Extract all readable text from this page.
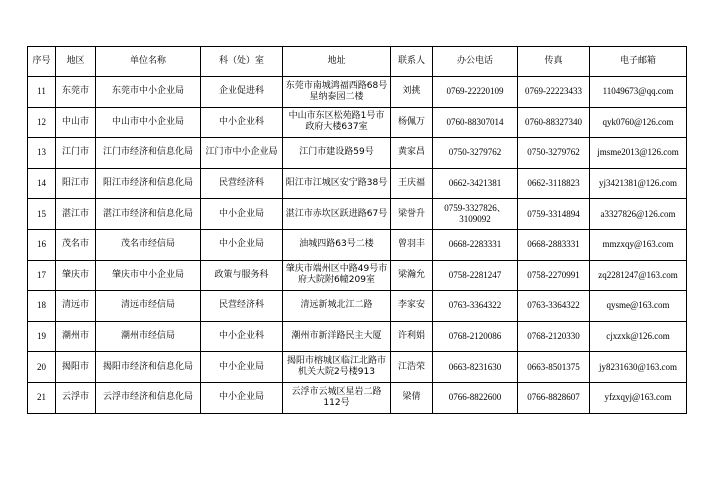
序号	地区	单位名称	科（处）室	地址	联系人	办公电话	传真	电子邮箱
11	东莞市	东莞市中小企业局	企业促进科	东莞市南城鸿福西路68号星纳泰园二楼	刘挑	0769-22220109	0769-22223433	11049673@qq.com
12	中山市	中山市中小企业局	中小企业科	中山市东区松苑路1号市政府大楼637室	杨佩万	0760-88307014	0760-88327340	qyk0760@126.com
13	江门市	江门市经济和信息化局	江门市中小企业局	江门市建设路59号	黄家昌	0750-3279762	0750-3279762	jmsme2013@126.com
14	阳江市	阳江市经济和信息化局	民营经济科	阳江市江城区安宁路38号	王庆福	0662-3421381	0662-3118823	yj3421381@126.com
15	湛江市	湛江市经济和信息化局	中小企业局	湛江市赤坎区跃进路67号	梁誉升	0759-3327826、3109092	0759-3314894	a3327826@126.com
16	茂名市	茂名市经信局	中小企业局	油城四路63号二楼	曾羽丰	0668-2283331	0668-2883331	mmzxqy@163.com
17	肇庆市	肇庆市中小企业局	政策与服务科	肇庆市端州区中路49号市府大院附6幢209室	梁瀚允	0758-2281247	0758-2270991	zq2281247@163.com
18	清远市	清远市经信局	民营经济科	清远新城北江二路	李家安	0763-3364322	0763-3364322	qysme@163.com
19	潮州市	潮州市经信局	中小企业科	潮州市新洋路民主大厦	许利娟	0768-2120086	0768-2120330	cjxzxk@126.com
20	揭阳市	揭阳市经济和信息化局	中小企业局	揭阳市榕城区临江北路市机关大院2号楼913	江浩荣	0663-8231630	0663-8501375	jy8231630@163.com
21	云浮市	云浮市经济和信息化局	中小企业局	云浮市云城区星岩二路112号	梁倩	0766-8822600	0766-8828607	yfzxqyj@163.com
